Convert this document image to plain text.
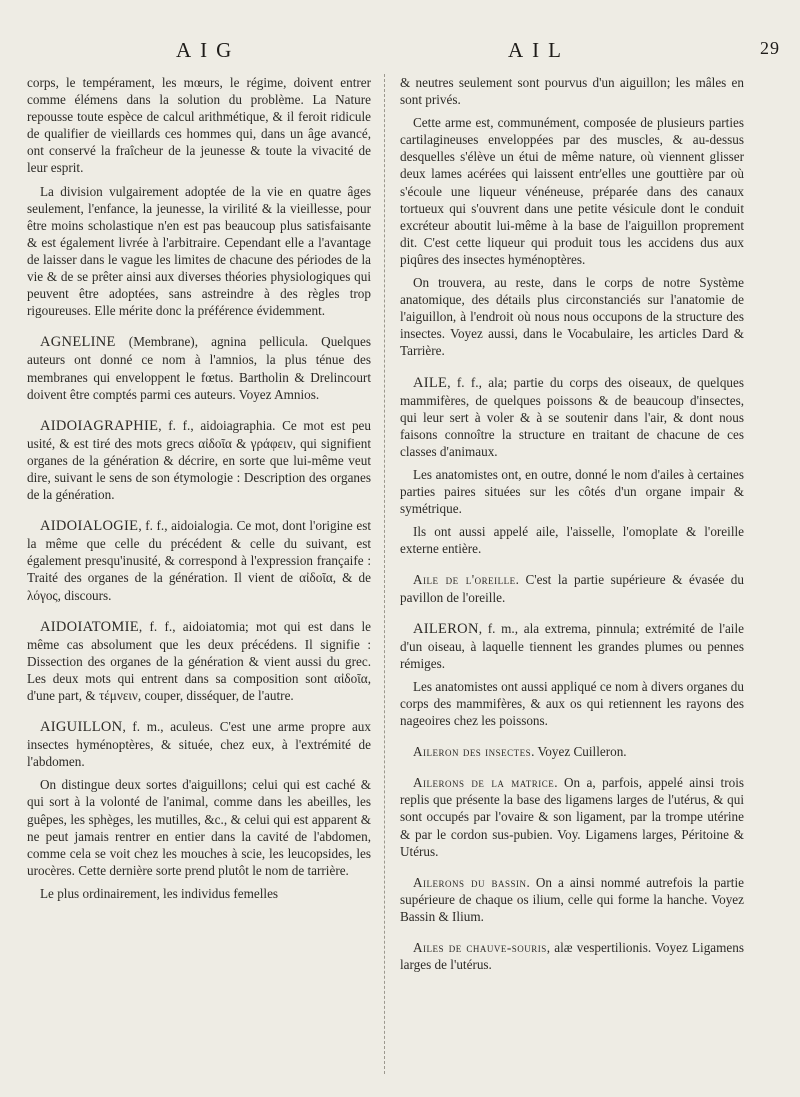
AIG	AIL	29

corps, le tempérament, les mœurs, le régime, doivent entrer comme élémens dans la solution du problème. La Nature repousse toute espèce de calcul arithmétique, & il feroit ridicule de qualifier de vieillards ces hommes qui, dans un âge avancé, ont conservé la fraîcheur de la jeunesse & toute la vivacité de leur esprit.

La division vulgairement adoptée de la vie en quatre âges seulement, l'enfance, la jeunesse, la virilité & la vieillesse, pour être moins scholastique n'en est pas beaucoup plus satisfaisante & est également livrée à l'arbitraire. Cependant elle a l'avantage de laisser dans le vague les limites de chacune des périodes de la vie & de se prêter ainsi aux diverses théories physiologiques qui peuvent être adoptées, sans astreindre à des règles trop rigoureuses. Elle mérite donc la préférence évidemment.

AGNELINE (Membrane), agnina pellicula. Quelques auteurs ont donné ce nom à l'amnios, la plus ténue des membranes qui enveloppent le fœtus. Bartholin & Drelincourt doivent être comptés parmi ces auteurs. Voyez Amnios.

AIDOIAGRAPHIE, f. f., aidoiagraphia. Ce mot est peu usité, & est tiré des mots grecs αἰδοῖα & γράφειν, qui signifient organes de la génération & décrire, en sorte que lui-même veut dire, suivant le sens de son étymologie : Description des organes de la génération.

AIDOIALOGIE, f. f., aidoialogia. Ce mot, dont l'origine est la même que celle du précédent & celle du suivant, est également presqu'inusité, & correspond à l'expression françaife : Traité des organes de la génération. Il vient de αἰδοῖα, & de λόγος, discours.

AIDOIATOMIE, f. f., aidoiatomia; mot qui est dans le même cas absolument que les deux précédens. Il signifie : Dissection des organes de la génération & vient aussi du grec. Les deux mots qui entrent dans sa composition sont αἰδοῖα, d'une part, & τέμνειν, couper, disséquer, de l'autre.

AIGUILLON, f. m., aculeus. C'est une arme propre aux insectes hyménoptères, & située, chez eux, à l'extrémité de l'abdomen.

On distingue deux sortes d'aiguillons; celui qui est caché & qui sort à la volonté de l'animal, comme dans les abeilles, les guêpes, les sphèges, les mutilles, &c., & celui qui est apparent & ne peut jamais rentrer en entier dans la cavité de l'abdomen, comme cela se voit chez les mouches à scie, les leucopsides, les urocères. Cette dernière sorte prend plutôt le nom de tarrière.

Le plus ordinairement, les individus femelles

& neutres seulement sont pourvus d'un aiguillon; les mâles en sont privés.

Cette arme est, communément, composée de plusieurs parties cartilagineuses enveloppées par des muscles, & au-dessus desquelles s'élève un étui de même nature, où viennent glisser deux lames acérées qui laissent entr'elles une gouttière par où s'écoule une liqueur vénéneuse, préparée dans des canaux tortueux qui s'ouvrent dans une petite vésicule dont le conduit excréteur aboutit lui-même à la base de l'aiguillon proprement dit. C'est cette liqueur qui produit tous les accidens dus aux piqûres des insectes hyménoptères.

On trouvera, au reste, dans le corps de notre Système anatomique, des détails plus circonstanciés sur l'anatomie de l'aiguillon, à l'endroit où nous nous occupons de la structure des insectes. Voyez aussi, dans le Vocabulaire, les articles Dard & Tarrière.

AILE, f. f., ala; partie du corps des oiseaux, de quelques mammifères, de quelques poissons & de beaucoup d'insectes, qui leur sert à voler & à se soutenir dans l'air, & dont nous faisons connoître la structure en traitant de chacune de ces classes d'animaux.

Les anatomistes ont, en outre, donné le nom d'ailes à certaines parties paires situées sur les côtés d'un organe impair & symétrique.

Ils ont aussi appelé aile, l'aisselle, l'omoplate & l'oreille externe entière.

Aile de l'oreille. C'est la partie supérieure & évasée du pavillon de l'oreille.

AILERON, f. m., ala extrema, pinnula; extrémité de l'aile d'un oiseau, à laquelle tiennent les grandes plumes ou pennes rémiges.

Les anatomistes ont aussi appliqué ce nom à divers organes du corps des mammifères, & aux os qui retiennent les rayons des nageoires chez les poissons.

Aileron des insectes. Voyez Cuilleron.

Ailerons de la matrice. On a, parfois, appelé ainsi trois replis que présente la base des ligamens larges de l'utérus, & qui sont occupés par l'ovaire & son ligament, par la trompe utérine & par le cordon sus-pubien. Voy. Ligamens larges, Péritoine & Utérus.

Ailerons du bassin. On a ainsi nommé autrefois la partie supérieure de chaque os ilium, celle qui forme la hanche. Voyez Bassin & Ilium.

Ailes de chauve-souris, alæ vespertilionis. Voyez Ligamens larges de l'utérus.
